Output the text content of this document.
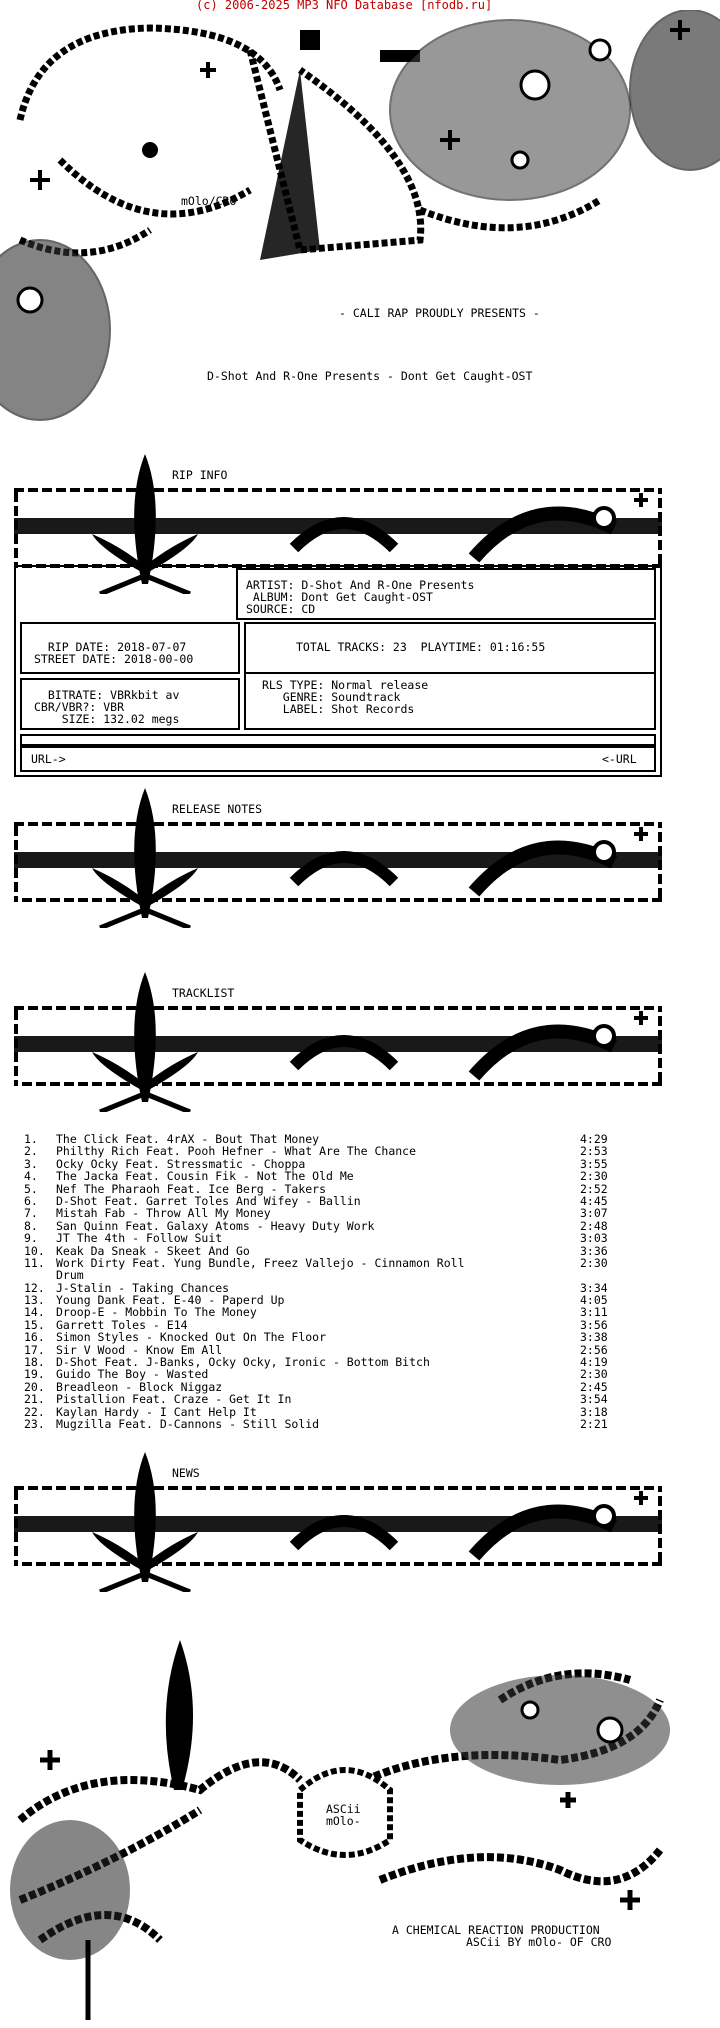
(c) 2006-2025 MP3 NFO Database [nfodb.ru]
mOlo/CRO
- CALI RAP PROUDLY PRESENTS -
D-Shot And R-One Presents - Dont Get Caught-OST
RIP INFO
ARTIST: D-Shot And R-One Presents
ALBUM: Dont Get Caught-OST
SOURCE: CD
RIP DATE: 2018-07-07
STREET DATE: 2018-00-00
TOTAL TRACKS: 23  PLAYTIME: 01:16:55
BITRATE: VBRkbit av
CBR/VBR?: VBR
SIZE: 132.02 megs
RLS TYPE: Normal release
GENRE: Soundtrack
LABEL: Shot Records
URL->	<-URL
RELEASE NOTES
TRACKLIST
1. The Click Feat. 4rAX - Bout That Money	4:29
2. Philthy Rich Feat. Pooh Hefner - What Are The Chance	2:53
3. Ocky Ocky Feat. Stressmatic - Choppa	3:55
4. The Jacka Feat. Cousin Fik - Not The Old Me	2:30
5. Nef The Pharaoh Feat. Ice Berg - Takers	2:52
6. D-Shot Feat. Garret Toles And Wifey - Ballin	4:45
7. Mistah Fab - Throw All My Money	3:07
8. San Quinn Feat. Galaxy Atoms - Heavy Duty Work	2:48
9. JT The 4th - Follow Suit	3:03
10. Keak Da Sneak - Skeet And Go	3:36
11. Work Dirty Feat. Yung Bundle, Freez Vallejo - Cinnamon Roll	2:30
Drum
12. J-Stalin - Taking Chances	3:34
13. Young Dank Feat. E-40 - Paperd Up	4:05
14. Droop-E - Mobbin To The Money	3:11
15. Garrett Toles - E14	3:56
16. Simon Styles - Knocked Out On The Floor	3:38
17. Sir V Wood - Know Em All	2:56
18. D-Shot Feat. J-Banks, Ocky Ocky, Ironic - Bottom Bitch	4:19
19. Guido The Boy - Wasted	2:30
20. Breadleon - Block Niggaz	2:45
21. Pistallion Feat. Craze - Get It In	3:54
22. Kaylan Hardy - I Cant Help It	3:18
23. Mugzilla Feat. D-Cannons - Still Solid	2:21
NEWS
ASCii
mOlo-
A CHEMICAL REACTION PRODUCTION
ASCii BY mOlo- OF CRO
